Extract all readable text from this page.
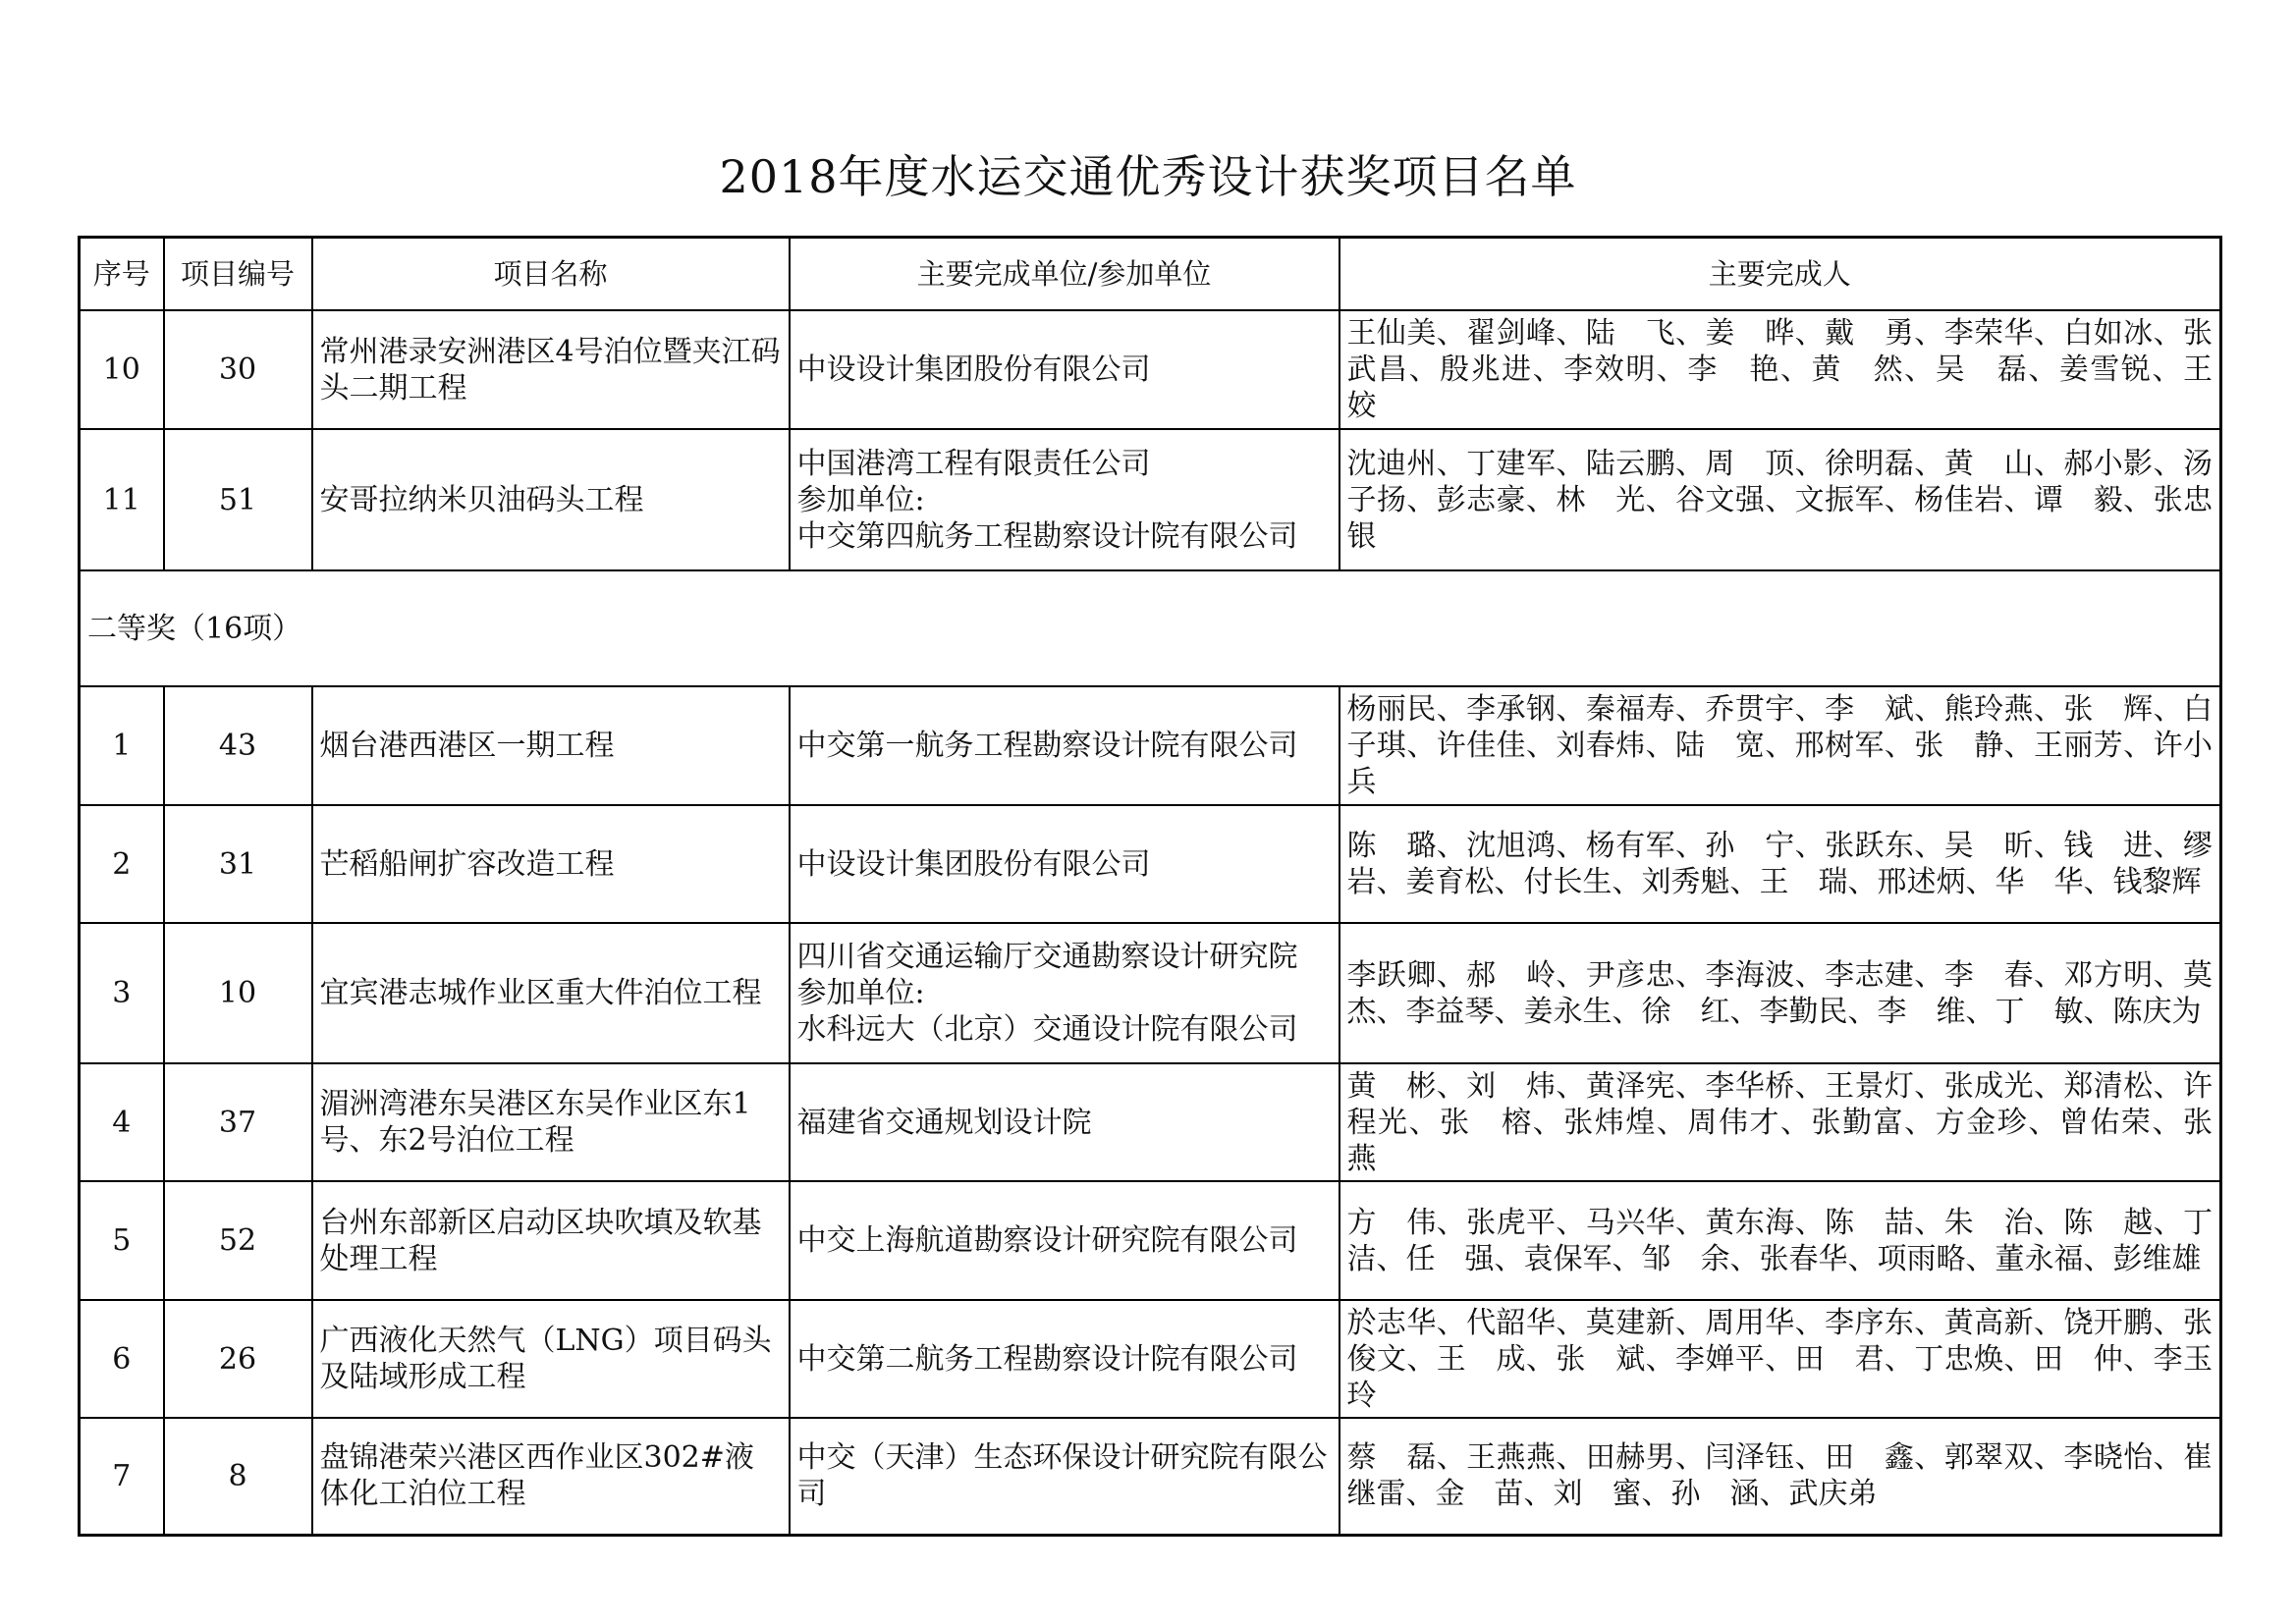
2018年度水运交通优秀设计获奖项目名单
序号	项目编号	项目名称	主要完成单位/参加单位	主要完成人
10	30	常州港录安洲港区4号泊位暨夹江码头二期工程	中设设计集团股份有限公司	王仙美、翟剑峰、陆　飞、姜　晔、戴　勇、李荣华、白如冰、张武昌、殷兆进、李效明、李　艳、黄　然、吴　磊、姜雪锐、王　姣
11	51	安哥拉纳米贝油码头工程	中国港湾工程有限责任公司
参加单位:
中交第四航务工程勘察设计院有限公司	沈迪州、丁建军、陆云鹏、周　顶、徐明磊、黄　山、郝小影、汤子扬、彭志豪、林　光、谷文强、文振军、杨佳岩、谭　毅、张忠银
二等奖（16项）				
1	43	烟台港西港区一期工程	中交第一航务工程勘察设计院有限公司	杨丽民、李承钢、秦福寿、乔贯宇、李　斌、熊玲燕、张　辉、白子琪、许佳佳、刘春炜、陆　宽、邢树军、张　静、王丽芳、许小兵
2	31	芒稻船闸扩容改造工程	中设设计集团股份有限公司	陈　璐、沈旭鸿、杨有军、孙　宁、张跃东、吴　昕、钱　进、缪　岩、姜育松、付长生、刘秀魁、王　瑞、邢述炳、华　华、钱黎辉
3	10	宜宾港志城作业区重大件泊位工程	四川省交通运输厅交通勘察设计研究院
参加单位:
水科远大（北京）交通设计院有限公司	李跃卿、郝　岭、尹彦忠、李海波、李志建、李　春、邓方明、莫　杰、李益琴、姜永生、徐　红、李勤民、李　维、丁　敏、陈庆为
4	37	湄洲湾港东吴港区东吴作业区东1号、东2号泊位工程	福建省交通规划设计院	黄　彬、刘　炜、黄泽宪、李华桥、王景灯、张成光、郑清松、许程光、张　榕、张炜煌、周伟才、张勤富、方金珍、曾佑荣、张　燕
5	52	台州东部新区启动区块吹填及软基处理工程	中交上海航道勘察设计研究院有限公司	方　伟、张虎平、马兴华、黄东海、陈　喆、朱　治、陈　越、丁　洁、任　强、袁保军、邹　余、张春华、项雨略、董永福、彭维雄
6	26	广西液化天然气（LNG）项目码头及陆域形成工程	中交第二航务工程勘察设计院有限公司	於志华、代韶华、莫建新、周用华、李序东、黄高新、饶开鹏、张俊文、王　成、张　斌、李婵平、田　君、丁忠焕、田　仲、李玉玲
7	8	盘锦港荣兴港区西作业区302#液体化工泊位工程	中交（天津）生态环保设计研究院有限公司	蔡　磊、王燕燕、田赫男、闫泽钰、田　鑫、郭翠双、李晓怡、崔继雷、金　苗、刘　蜜、孙　涵、武庆弟
